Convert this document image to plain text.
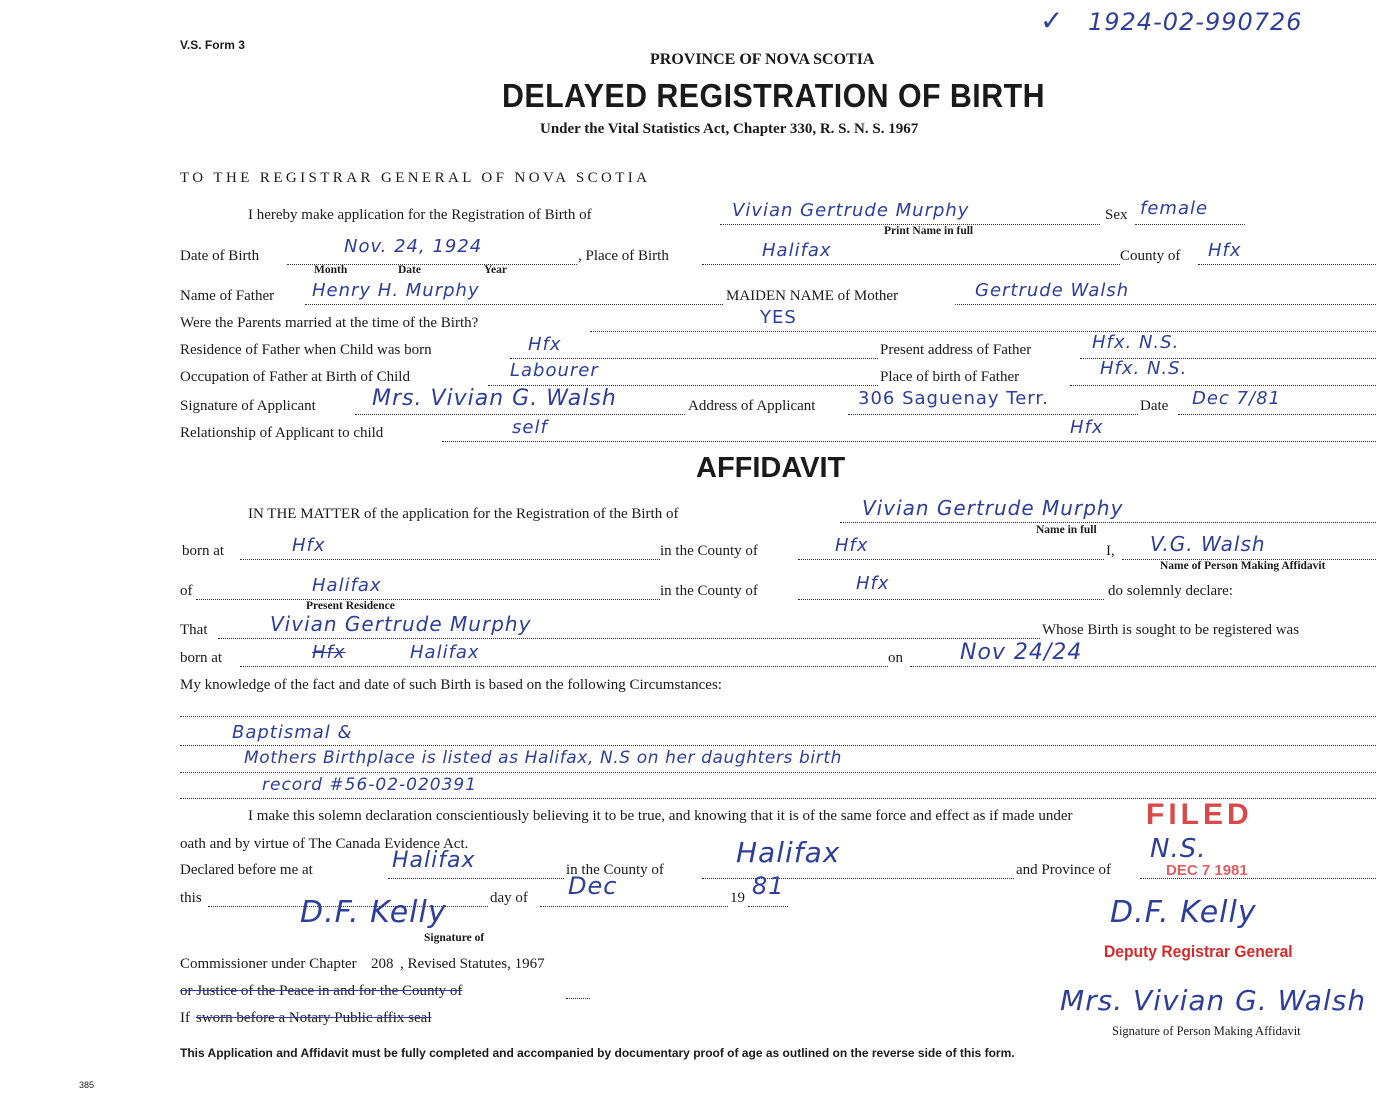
V.S. Form 3
1924-02-990726
✓
PROVINCE OF NOVA SCOTIA
DELAYED REGISTRATION OF BIRTH
Under the Vital Statistics Act, Chapter 330, R. S. N. S. 1967
TO THE REGISTRAR GENERAL OF NOVA SCOTIA
I hereby make application for the Registration of Birth of	Vivian Gertrude Murphy	Sex female
Print Name in full
Date of Birth	Nov. 24, 1924
Month	Date	Year
, Place of Birth	Halifax	County of Hfx
Name of Father Henry H. Murphy	MAIDEN NAME of Mother	Gertrude Walsh
Were the Parents married at the time of the Birth?	YES
Residence of Father when Child was born	Hfx	Present address of Father	Hfx. N.S.
Occupation of Father at Birth of Child	Labourer	Place of birth of Father	Hfx. N.S.
Signature of Applicant	Mrs. Vivian G. Walsh	Address of Applicant 306 Saguenay Terr.	Date Dec 7/81
Relationship of Applicant to child	self	Hfx
AFFIDAVIT
IN THE MATTER of the application for the Registration of the Birth of	Vivian Gertrude Murphy
Name in full
born at	Hfx	in the County of	Hfx	I, V.G. Walsh
Name of Person Making Affidavit
of	Halifax
Present Residence
in the County of	Hfx	do solemnly declare:
That	Vivian Gertrude Murphy	Whose Birth is sought to be registered was
born at	Hfx	Halifax	on	Nov 24/24
My knowledge of the fact and date of such Birth is based on the following Circumstances:
Baptismal &
Mothers Birthplace is listed as Halifax, N.S on her daughters birth
record #56-02-020391
I make this solemn declaration conscientiously believing it to be true, and knowing that it is of the same force and effect as if made under
oath and by virtue of The Canada Evidence Act.
FILED
Declared before me at	Halifax	in the County of
Halifax
and Province of
N.S.
DEC 7 1981
this	day of Dec	19 81
D.F. Kelly
Signature of
D.F. Kelly
Deputy Registrar General
Commissioner under Chapter 208 , Revised Statutes, 1967
or Justice of the Peace in and for the County of
If sworn before a Notary Public affix seal
Mrs. Vivian G. Walsh
Signature of Person Making Affidavit
This Application and Affidavit must be fully completed and accompanied by documentary proof of age as outlined on the reverse side of this form.
385
